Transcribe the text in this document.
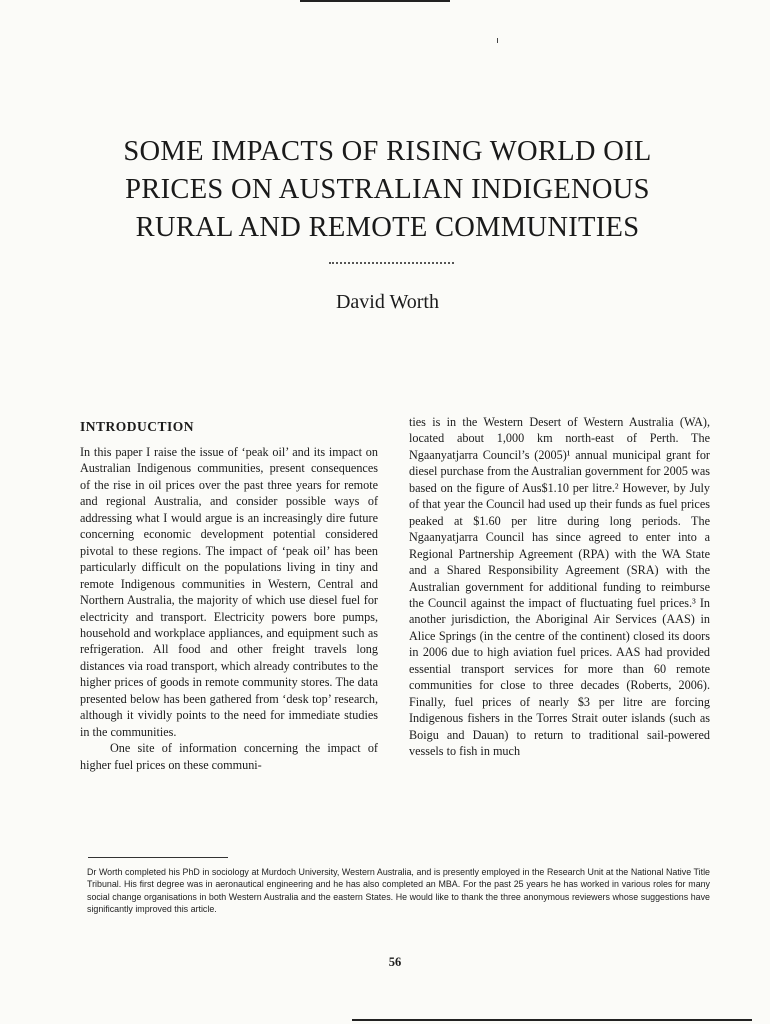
SOME IMPACTS OF RISING WORLD OIL
PRICES ON AUSTRALIAN INDIGENOUS
RURAL AND REMOTE COMMUNITIES
David Worth
INTRODUCTION

In this paper I raise the issue of ‘peak oil’ and its impact on Australian Indigenous communities, present consequences of the rise in oil prices over the past three years for remote and regional Australia, and consider possible ways of addressing what I would argue is an increasingly dire future concerning economic development potential considered pivotal to these regions. The impact of ‘peak oil’ has been particularly difficult on the populations living in tiny and remote Indigenous communities in Western, Central and Northern Australia, the majority of which use diesel fuel for electricity and transport. Electricity powers bore pumps, household and workplace appliances, and equipment such as refrigeration. All food and other freight travels long distances via road transport, which already contributes to the higher prices of goods in remote community stores. The data presented below has been gathered from ‘desk top’ research, although it vividly points to the need for immediate studies in the communities.

One site of information concerning the impact of higher fuel prices on these communi-

ties is in the Western Desert of Western Australia (WA), located about 1,000 km north-east of Perth. The Ngaanyatjarra Council’s (2005)¹ annual municipal grant for diesel purchase from the Australian government for 2005 was based on the figure of Aus$1.10 per litre.² However, by July of that year the Council had used up their funds as fuel prices peaked at $1.60 per litre during long periods. The Ngaanyatjarra Council has since agreed to enter into a Regional Partnership Agreement (RPA) with the WA State and a Shared Responsibility Agreement (SRA) with the Australian government for additional funding to reimburse the Council against the impact of fluctuating fuel prices.³ In another jurisdiction, the Aboriginal Air Services (AAS) in Alice Springs (in the centre of the continent) closed its doors in 2006 due to high aviation fuel prices. AAS had provided essential transport services for more than 60 remote communities for close to three decades (Roberts, 2006). Finally, fuel prices of nearly $3 per litre are forcing Indigenous fishers in the Torres Strait outer islands (such as Boigu and Dauan) to return to traditional sail-powered vessels to fish in much

Dr Worth completed his PhD in sociology at Murdoch University, Western Australia, and is presently employed in the Research Unit at the National Native Title Tribunal. His first degree was in aeronautical engineering and he has also completed an MBA. For the past 25 years he has worked in various roles for many social change organisations in both Western Australia and the eastern States. He would like to thank the three anonymous reviewers whose suggestions have significantly improved this article.

56
